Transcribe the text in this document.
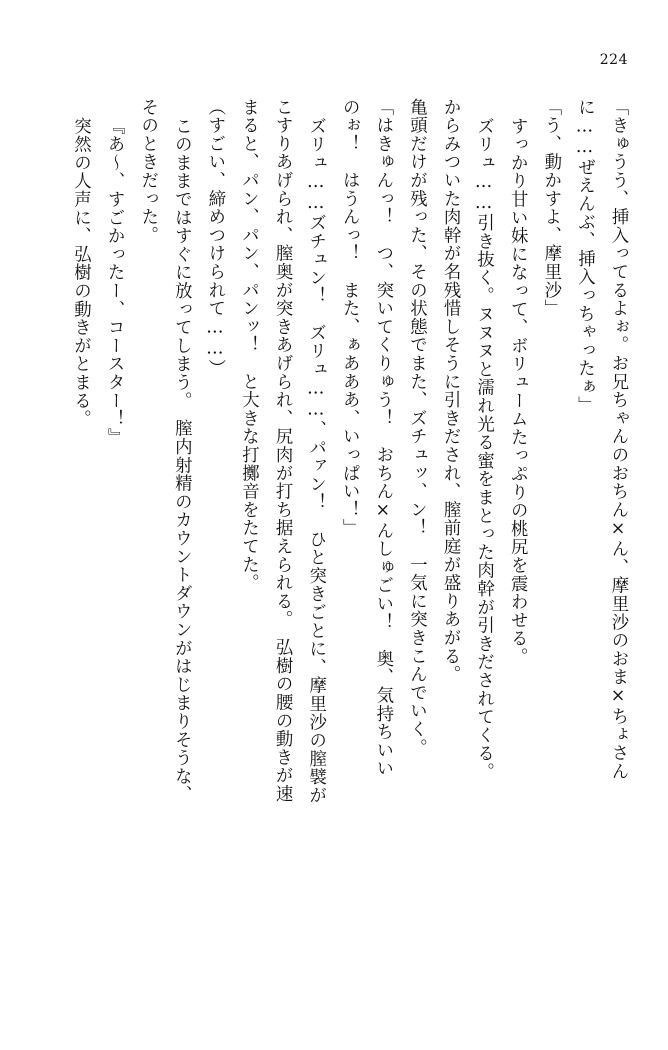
224
「きゅうう、挿入ってるよぉ。お兄ちゃんのおちん×ん、摩里沙のおま×ちょさん
に……ぜえんぶ、挿入っちゃったぁ」
「う、動かすよ、摩里沙」
すっかり甘い妹になって、ボリュームたっぷりの桃尻を震わせる。
ズリュ……引き抜く。ヌヌヌと濡れ光る蜜をまとった肉幹が引きだされてくる。
からみついた肉幹が名残惜しそうに引きだされ、膣前庭が盛りあがる。
亀頭だけが残った、その状態でまた、ズチュッ、ン！　一気に突きこんでいく。
「はきゅんっ！　つ、突いてくりゅう！　おちん×んしゅごい！　奥、気持ちいい
のぉ！　はうんっ！　また、ぁあああ、いっぱい！」
ズリュ……ズチュン！　ズリュ……、パァン！　ひと突きごとに、摩里沙の膣襞が
こすりあげられ、膣奥が突きあげられ、尻肉が打ち据えられる。　弘樹の腰の動きが速
まると、パン、パン、パンッ！　と大きな打擲音をたてた。
（すごい、締めつけられて……）
このままではすぐに放ってしまう。　膣内射精のカウントダウンがはじまりそうな、
そのときだった。
『あ～、すごかったー、コースター！』
突然の人声に、弘樹の動きがとまる。
